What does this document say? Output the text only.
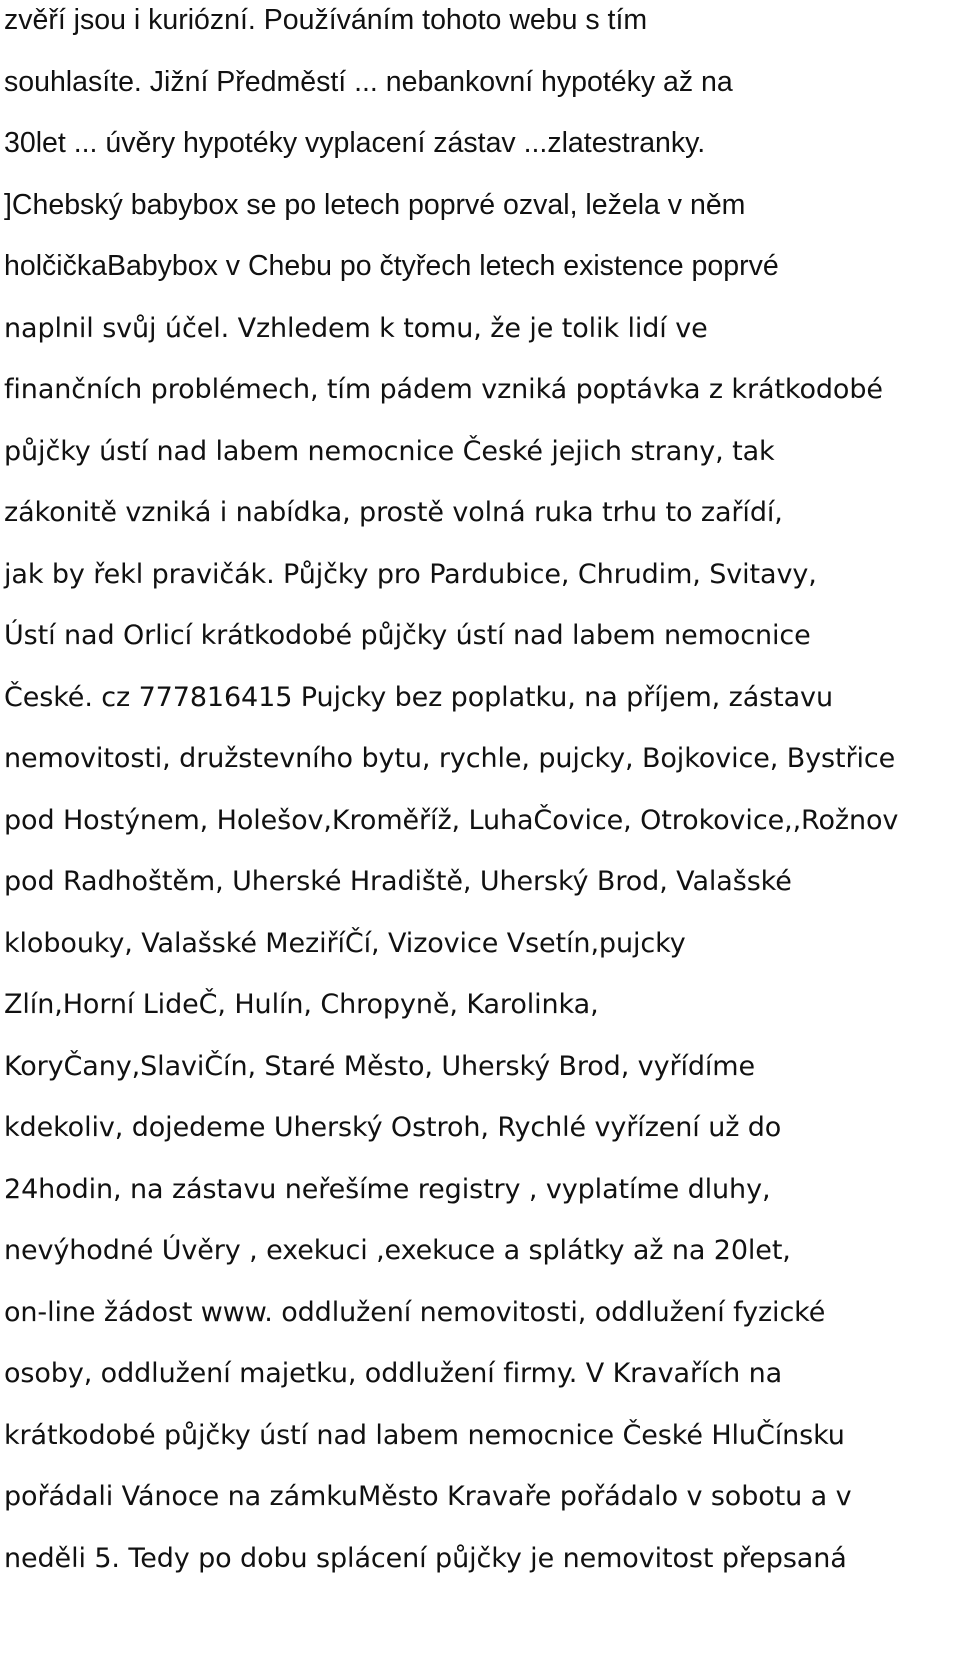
zvěří jsou i kuriózní. Používáním tohoto webu s tím
souhlasíte. Jižní Předměstí ... nebankovní hypotéky až na
30let ... úvěry hypotéky vyplacení zástav ...zlatestranky.
]Chebský babybox se po letech poprvé ozval, ležela v něm
holčičkaBabybox v Chebu po čtyřech letech existence poprvé
naplnil svůj účel. Vzhledem k tomu, že je tolik lidí ve
finančních problémech, tím pádem vzniká poptávka z krátkodobé
půjčky ústí nad labem nemocnice České jejich strany, tak
zákonitě vzniká i nabídka, prostě volná ruka trhu to zařídí,
jak by řekl pravičák. Půjčky pro Pardubice, Chrudim, Svitavy,
Ústí nad Orlicí krátkodobé půjčky ústí nad labem nemocnice
České. cz 777816415 Pujcky bez poplatku, na příjem, zástavu
nemovitosti, družstevního bytu, rychle, pujcky, Bojkovice, Bystřice
pod Hostýnem, Holešov,Kroměříž, LuhaČovice, Otrokovice,,Rožnov
pod Radhoštěm, Uherské Hradiště, Uherský Brod, Valašské
klobouky, Valašské MeziříČí, Vizovice Vsetín,pujcky
Zlín,Horní LideČ, Hulín, Chropyně, Karolinka,
KoryČany,SlaviČín, Staré Město, Uherský Brod, vyřídíme
kdekoliv, dojedeme Uherský Ostroh, Rychlé vyřízení už do
24hodin, na zástavu neřešíme registry , vyplatíme dluhy,
nevýhodné Úvěry , exekuci ,exekuce a splátky až na 20let,
on-line žádost www. oddlužení nemovitosti, oddlužení fyzické
osoby, oddlužení majetku, oddlužení firmy. V Kravařích na
krátkodobé půjčky ústí nad labem nemocnice České HluČínsku
pořádali Vánoce na zámkuMěsto Kravaře pořádalo v sobotu a v
neděli 5. Tedy po dobu splácení půjčky je nemovitost přepsaná
